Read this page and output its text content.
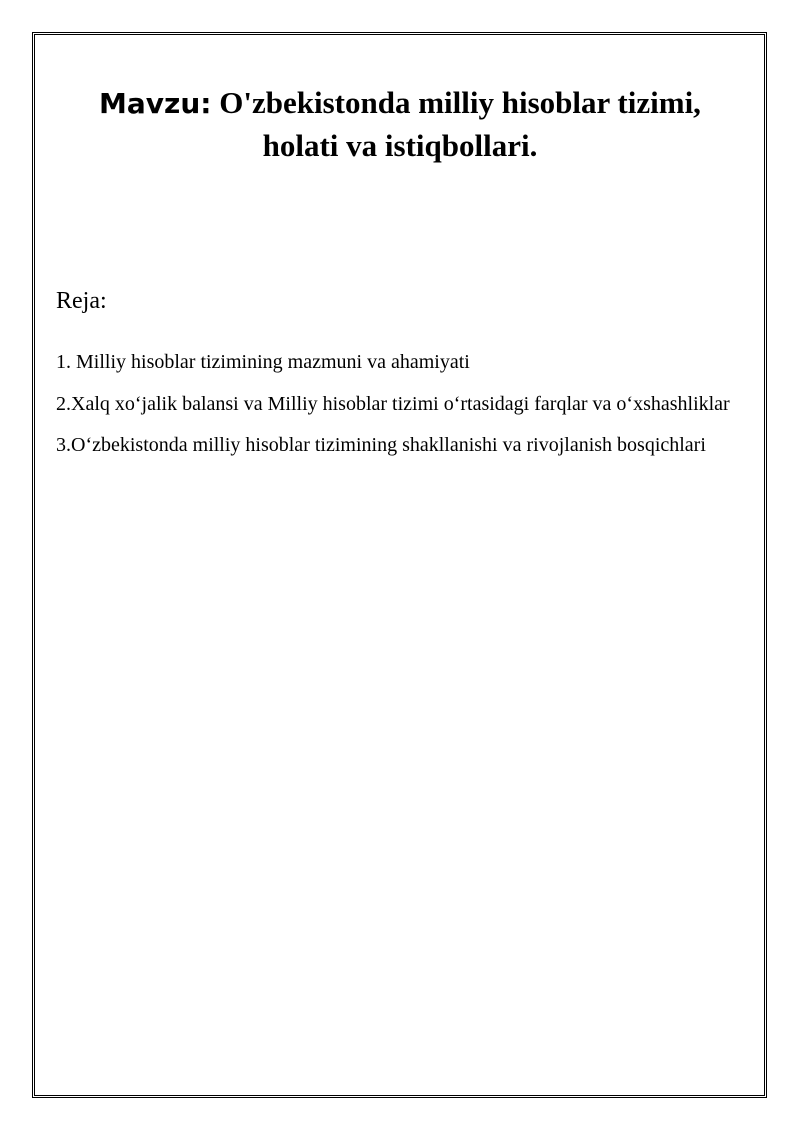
Mavzu: O'zbekistonda milliy hisoblar tizimi,
holati va istiqbollari.
Reja:
1. Milliy hisoblar tizimining mazmuni va ahamiyati
2.Xalq xo‘jalik balansi va Milliy hisoblar tizimi o‘rtasidagi farqlar va o‘xshashliklar
3.O‘zbekistonda milliy hisoblar tizimining shakllanishi va rivojlanish bosqichlari
